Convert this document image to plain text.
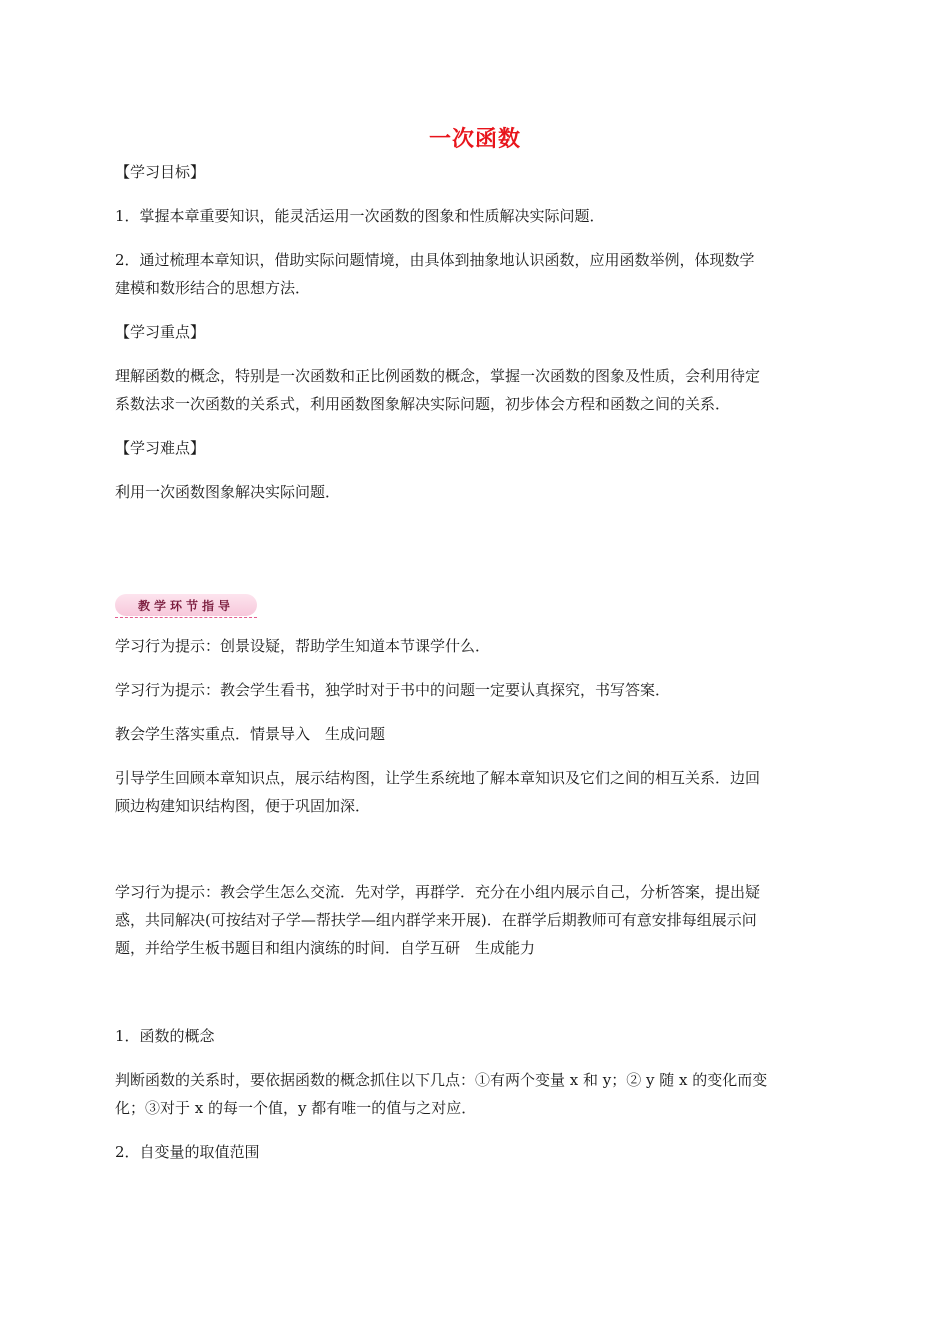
一次函数
【学习目标】
1．掌握本章重要知识，能灵活运用一次函数的图象和性质解决实际问题．
2．通过梳理本章知识，借助实际问题情境，由具体到抽象地认识函数，应用函数举例，体现数学
建模和数形结合的思想方法．
【学习重点】
理解函数的概念，特别是一次函数和正比例函数的概念，掌握一次函数的图象及性质，会利用待定
系数法求一次函数的关系式，利用函数图象解决实际问题，初步体会方程和函数之间的关系．
【学习难点】
利用一次函数图象解决实际问题．
教学环节指导
学习行为提示：创景设疑，帮助学生知道本节课学什么．
学习行为提示：教会学生看书，独学时对于书中的问题一定要认真探究，书写答案．
教会学生落实重点．情景导入　生成问题
引导学生回顾本章知识点，展示结构图，让学生系统地了解本章知识及它们之间的相互关系．边回
顾边构建知识结构图，便于巩固加深．
学习行为提示：教会学生怎么交流．先对学，再群学．充分在小组内展示自己，分析答案，提出疑
惑，共同解决(可按结对子学—帮扶学—组内群学来开展)．在群学后期教师可有意安排每组展示问
题，并给学生板书题目和组内演练的时间．自学互研　生成能力
1．函数的概念
判断函数的关系时，要依据函数的概念抓住以下几点：①有两个变量 x 和 y；② y 随 x 的变化而变
化；③对于 x 的每一个值，y 都有唯一的值与之对应．
2．自变量的取值范围
